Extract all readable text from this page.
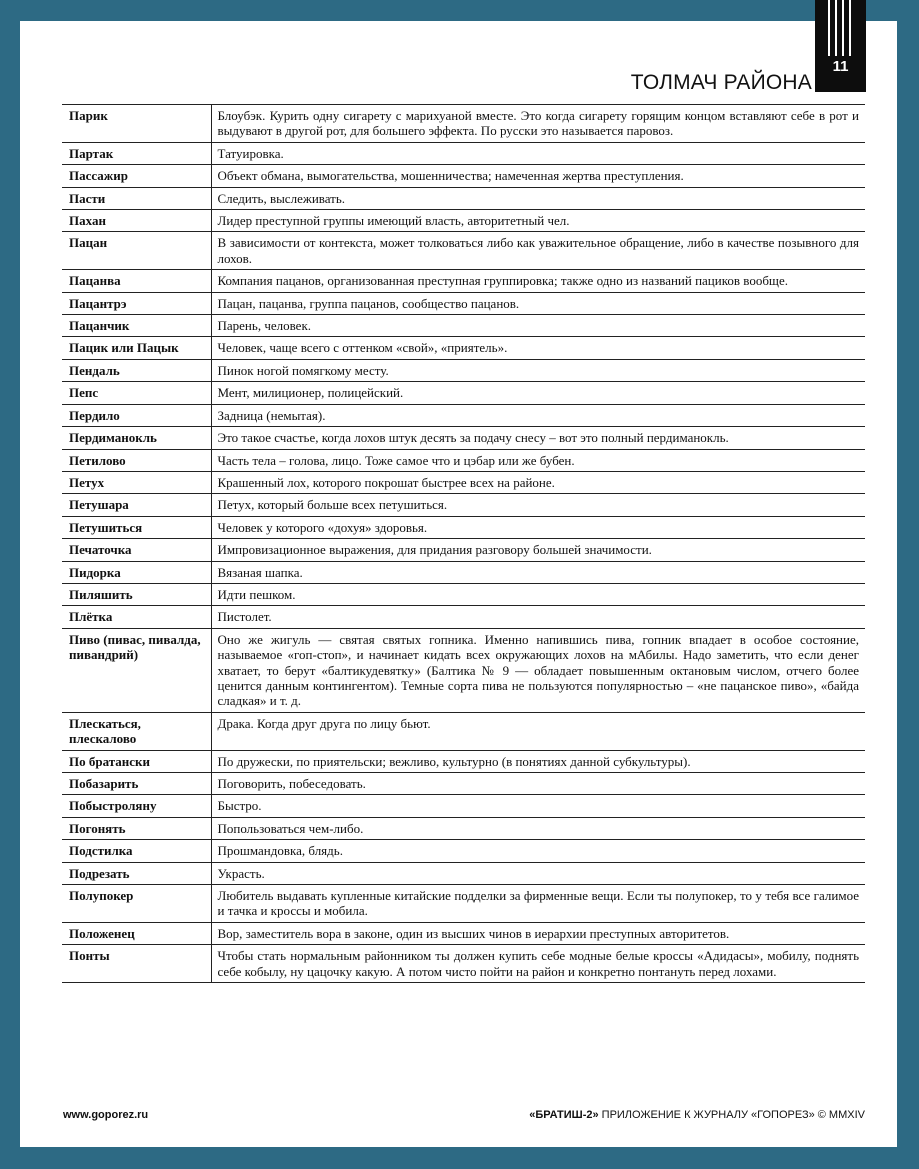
11
ТОЛМАЧ РАЙОНА
Парик	Блоубэк. Курить одну сигарету с марихуаной вместе. Это когда сигарету горящим концом вставляют себе в рот и выдувают в другой рот, для большего эффекта. По русски это называется паровоз.
Партак	Татуировка.
Пассажир	Объект обмана, вымогательства, мошенничества; намеченная жертва преступления.
Пасти	Следить, выслеживать.
Пахан	Лидер преступной группы имеющий власть, авторитетный чел.
Пацан	В зависимости от контекста, может толковаться либо как уважительное обращение, либо в качестве позывного для лохов.
Пацанва	Компания пацанов, организованная преступная группировка; также одно из названий пациков вообще.
Пацантрэ	Пацан, пацанва, группа пацанов, сообщество пацанов.
Пацанчик	Парень, человек.
Пацик или Пацык	Человек, чаще всего с оттенком «свой», «приятель».
Пендаль	Пинок ногой помягкому месту.
Пепс	Мент, милиционер, полицейский.
Пердило	Задница (немытая).
Пердиманокль	Это такое счастье, когда лохов штук десять за подачу снесу – вот это полный пердиманокль.
Петилово	Часть тела – голова, лицо. Тоже самое что и цэбар или же бубен.
Петух	Крашенный лох, которого покрошат быстрее всех на районе.
Петушара	Петух, который больше всех петушиться.
Петушиться	Человек у которого «дохуя» здоровья.
Печаточка	Импровизационное выражения, для придания разговору большей значимости.
Пидорка	Вязаная шапка.
Пиляшить	Идти пешком.
Плётка	Пистолет.
Пиво (пивас, пивалда, пивандрий)	Оно же жигуль — святая святых гопника. Именно напившись пива, гопник впадает в особое состояние, называемое «гоп-стоп», и начинает кидать всех окружающих лохов на мАбилы. Надо заметить, что если денег хватает, то берут «балтикудевятку» (Балтика № 9 — обладает повышенным октановым числом, отчего более ценится данным контингентом). Темные сорта пива не пользуются популярностью – «не пацанское пиво», «байда сладкая» и т. д.
Плескаться, плескалово	Драка. Когда друг друга по лицу бьют.
По братански	По дружески, по приятельски; вежливо, культурно (в понятиях данной субкультуры).
Побазарить	Поговорить, побеседовать.
Побыстроляну	Быстро.
Погонять	Попользоваться чем-либо.
Подстилка	Прошмандовка, блядь.
Подрезать	Украсть.
Полупокер	Любитель выдавать купленные китайские подделки за фирменные вещи. Если ты полупокер, то у тебя все галимое и тачка и кроссы и мобила.
Положенец	Вор, заместитель вора в законе, один из высших чинов в иерархии преступных авторитетов.
Понты	Чтобы стать нормальным районником ты должен купить себе модные белые кроссы «Адидасы», мобилу, поднять себе кобылу, ну цацочку какую. А потом чисто пойти на район и конкретно понтануть перед лохами.
www.goporez.ru	«БРАТИШ-2» ПРИЛОЖЕНИЕ К ЖУРНАЛУ «ГОПОРЕЗ» © MMXIV
